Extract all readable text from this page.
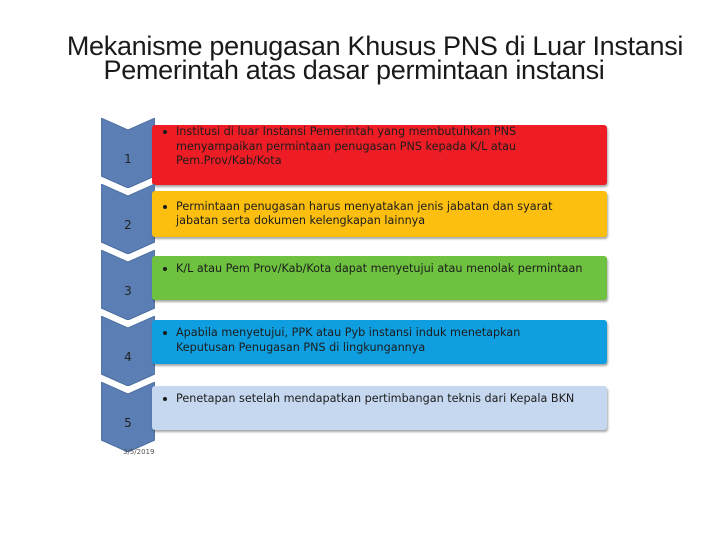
Mekanisme penugasan Khusus PNS di Luar Instansi
Pemerintah atas dasar permintaan instansi
1
Institusi di luar Instansi Pemerintah yang membutuhkan PNS menyampaikan permintaan penugasan PNS kepada K/L atau Pem.Prov/Kab/Kota
2
Permintaan penugasan harus menyatakan jenis jabatan dan syarat jabatan serta dokumen kelengkapan lainnya
3
K/L atau Pem Prov/Kab/Kota dapat menyetujui atau menolak permintaan
4
Apabila menyetujui, PPK atau Pyb instansi induk menetapkan Keputusan Penugasan PNS di lingkungannya
5
Penetapan setelah mendapatkan pertimbangan teknis dari Kepala BKN
3/5/2019
